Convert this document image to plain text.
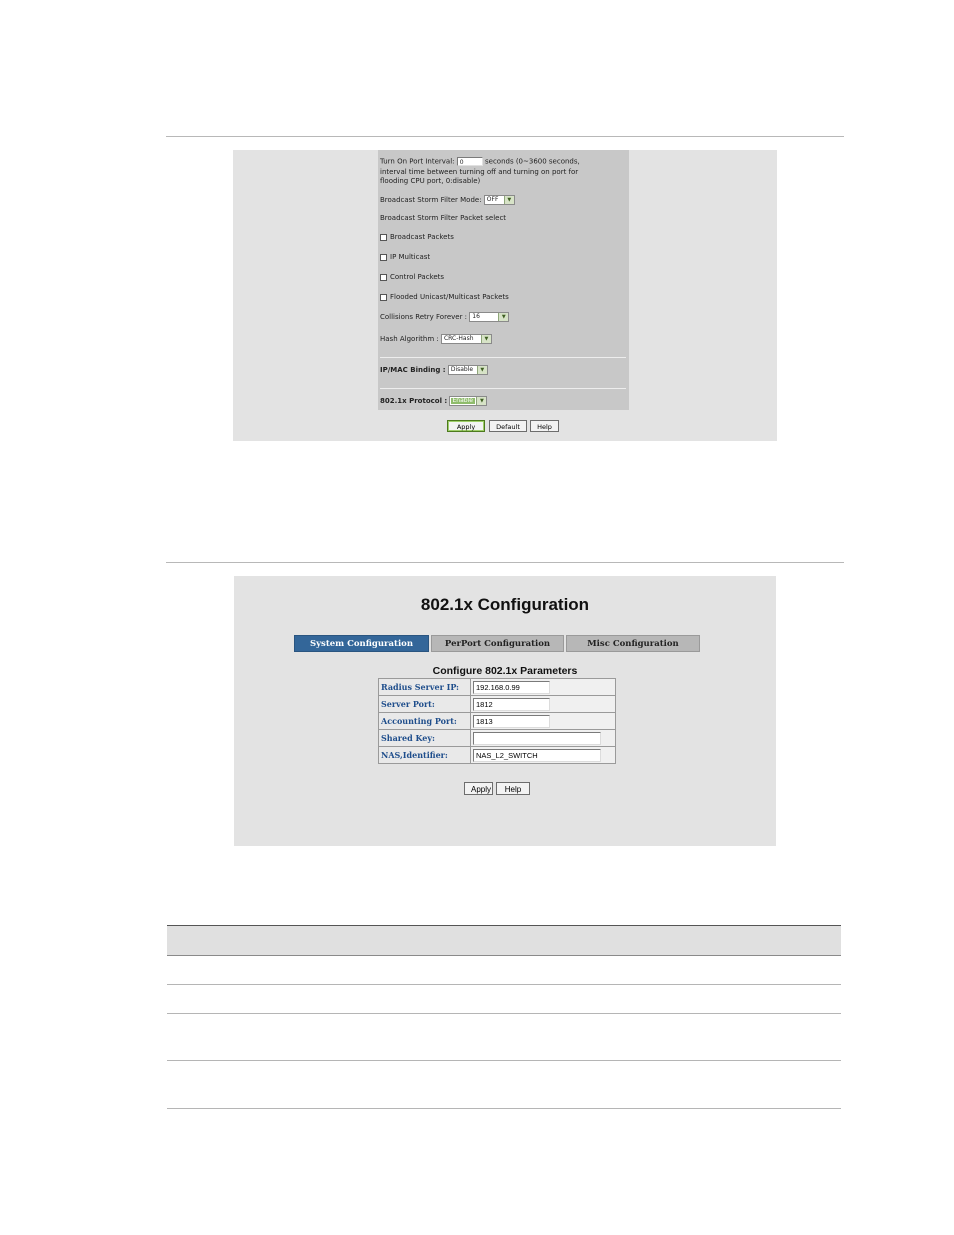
Turn On Port Interval: 0	seconds (0~3600 seconds,
interval time between turning off and turning on port for
flooding CPU port, 0:disable)
Broadcast Storm Filter Mode: OFF	▼
Broadcast Storm Filter Packet select
Broadcast Packets
IP Multicast
Control Packets
Flooded Unicast/Multicast Packets
Collisions Retry Forever : 16	▼
Hash Algorithm : CRC-Hash	▼
IP/MAC Binding : Disable	▼
802.1x Protocol : Enable	▼
Apply	Default	Help
802.1x Configuration
System Configuration	PerPort Configuration	Misc Configuration
Configure 802.1x Parameters
Radius Server IP:	192.168.0.99

Server Port:	1812

Accounting Port:	1813

Shared Key:	

NAS,Identifier:	NAS_L2_SWITCH
Apply	Help
